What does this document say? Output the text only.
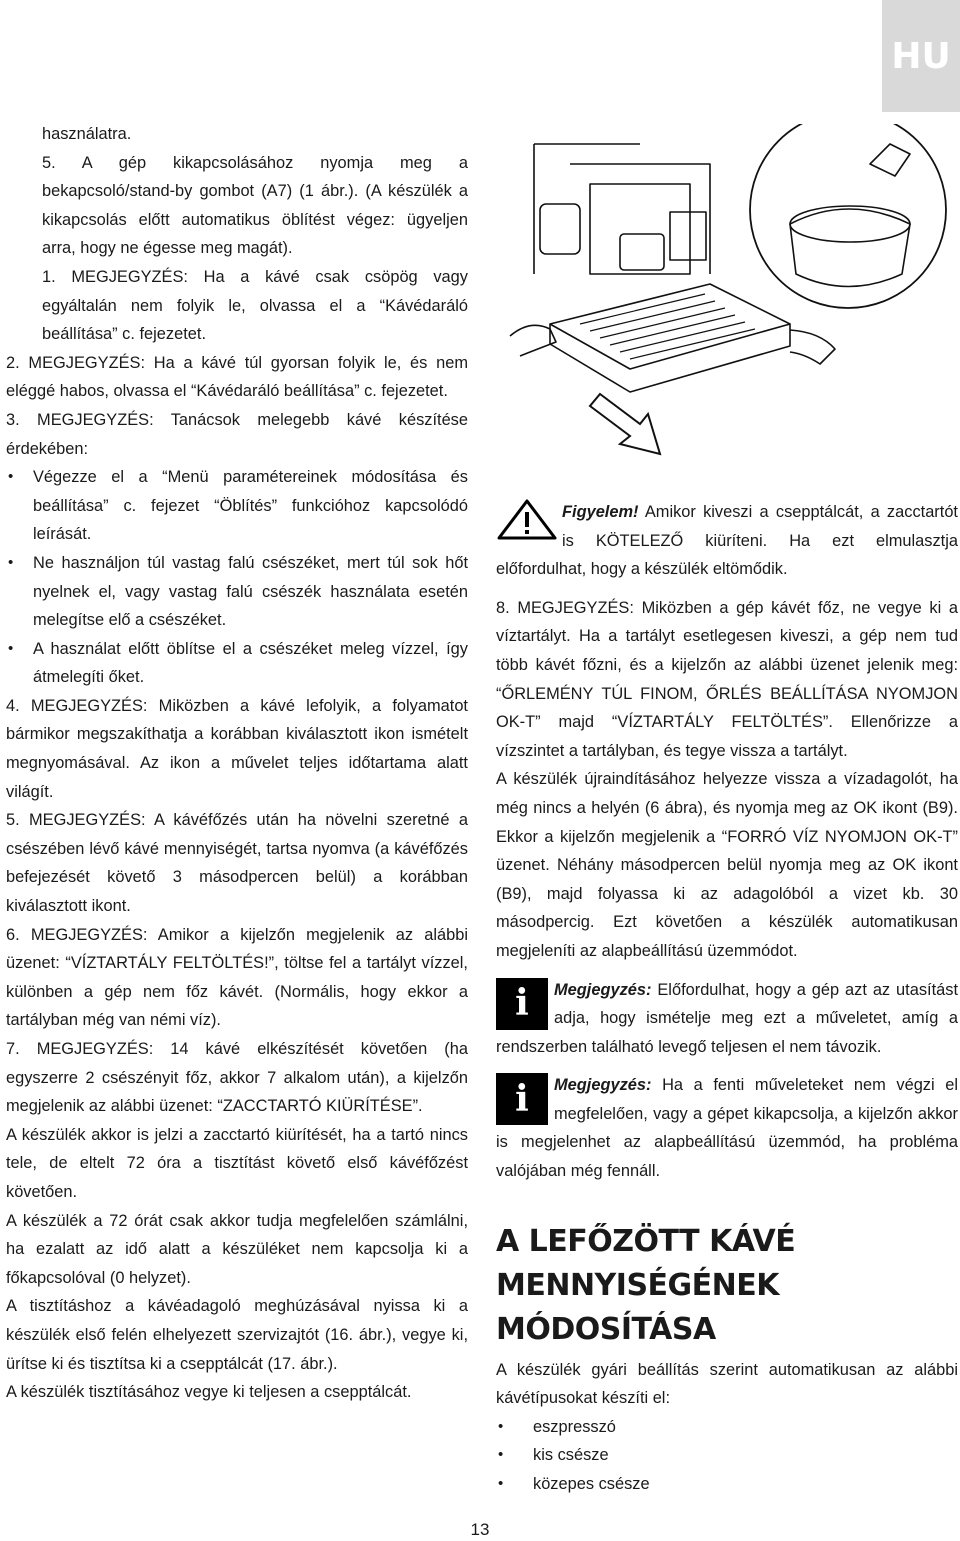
HU

használatra.

5. A gép kikapcsolásához nyomja meg a bekapcsoló/stand-by gombot (A7) (1 ábr.). (A készülék a kikapcsolás előtt automatikus öblítést végez: ügyeljen arra, hogy ne égesse meg magát).

1. MEGJEGYZÉS: Ha a kávé csak csöpög vagy egyáltalán nem folyik le, olvassa el a “Kávédaráló beállítása” c. fejezetet.

2. MEGJEGYZÉS: Ha a kávé túl gyorsan folyik le, és nem eléggé habos, olvassa el “Kávédaráló beállítása” c. fejezetet.

3. MEGJEGYZÉS: Tanácsok melegebb kávé készítése érdekében:

• Végezze el a “Menü paramétereinek módosítása és beállítása” c. fejezet “Öblítés” funkcióhoz kapcsolódó leírását.
• Ne használjon túl vastag falú csészéket, mert túl sok hőt nyelnek el, vagy vastag falú csészék használata esetén melegítse elő a csészéket.
• A használat előtt öblítse el a csészéket meleg vízzel, így átmelegíti őket.

4. MEGJEGYZÉS: Miközben a kávé lefolyik, a folyamatot bármikor megszakíthatja a korábban kiválasztott ikon ismételt megnyomásával. Az ikon a művelet teljes időtartama alatt világít.

5. MEGJEGYZÉS: A kávéfőzés után ha növelni szeretné a csészében lévő kávé mennyiségét, tartsa nyomva (a kávéfőzés befejezését követő 3 másodpercen belül) a korábban kiválasztott ikont.

6. MEGJEGYZÉS: Amikor a kijelzőn megjelenik az alábbi üzenet: “VÍZTARTÁLY FELTÖLTÉS!”, töltse fel a tartályt vízzel, különben a gép nem főz kávét. (Normális, hogy ekkor a tartályban még van némi víz).

7. MEGJEGYZÉS: 14 kávé elkészítését követően (ha egyszerre 2 csészényit főz, akkor 7 alkalom után), a kijelzőn megjelenik az alábbi üzenet: “ZACCTARTÓ KIÜRÍTÉSE”.

A készülék akkor is jelzi a zacctartó kiürítését, ha a tartó nincs tele, de eltelt 72 óra a tisztítást követő első kávéfőzést követően.

A készülék a 72 órát csak akkor tudja megfelelően számlálni, ha ezalatt az idő alatt a készüléket nem kapcsolja ki a főkapcsolóval (0 helyzet).

A tisztításhoz a kávéadagoló meghúzásával nyissa ki a készülék első felén elhelyezett szervizajtót (16. ábr.), vegye ki, ürítse ki és tisztítsa ki a csepptálcát (17. ábr.).

A készülék tisztításához vegye ki teljesen a csepptálcát.

Figyelem! Amikor kiveszi a csepptálcát, a zacctartót is KÖTELEZŐ kiüríteni. Ha ezt elmulasztja előfordulhat, hogy a készülék eltömődik.

8. MEGJEGYZÉS: Miközben a gép kávét főz, ne vegye ki a víztartályt. Ha a tartályt esetlegesen kiveszi, a gép nem tud több kávét főzni, és a kijelzőn az alábbi üzenet jelenik meg: “ŐRLEMÉNY TÚL FINOM, ŐRLÉS BEÁLLÍTÁSA NYOMJON OK-T” majd “VÍZTARTÁLY FELTÖLTÉS”. Ellenőrizze a vízszintet a tartályban, és tegye vissza a tartályt.

A készülék újraindításához helyezze vissza a vízadagolót, ha még nincs a helyén (6 ábra), és nyomja meg az OK ikont (B9). Ekkor a kijelzőn megjelenik a “FORRÓ VÍZ NYOMJON OK-T” üzenet. Néhány másodpercen belül nyomja meg az OK ikont (B9), majd folyassa ki az adagolóból a vizet kb. 30 másodpercig. Ezt követően a készülék automatikusan megjeleníti az alapbeállítású üzemmódot.

i	Megjegyzés: Előfordulhat, hogy a gép azt az utasítást adja, hogy ismételje meg ezt a műveletet, amíg a rendszerben található levegő teljesen el nem távozik.

i	Megjegyzés: Ha a fenti műveleteket nem végzi el megfelelően, vagy a gépet kikapcsolja, a kijelzőn akkor is megjelenhet az alapbeállítású üzemmód, ha probléma valójában még fennáll.

A LEFŐZÖTT KÁVÉ
MENNYISÉGÉNEK MÓDOSÍTÁSA

A készülék gyári beállítás szerint automatikusan az alábbi kávétípusokat készíti el:

• eszpresszó
• kis csésze
• közepes csésze
13
